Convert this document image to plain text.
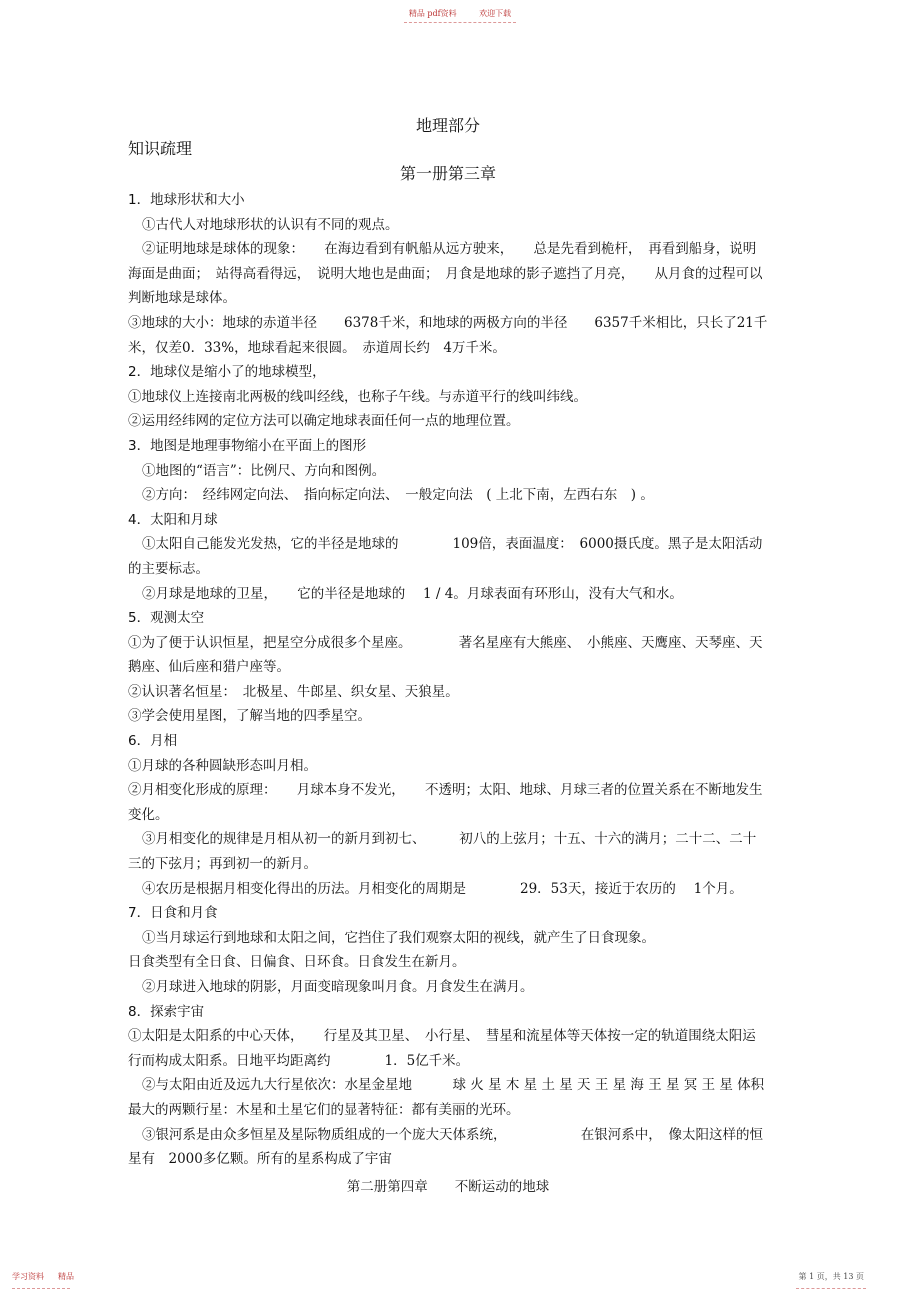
精品 pdf资料	欢迎下载

地理部分

知识疏理

第一册第三章

1．地球形状和大小

①古代人对地球形状的认识有不同的观点。

②证明地球是球体的现象：　　在海边看到有帆船从远方驶来，　　总是先看到桅杆，　再看到船身，说明海面是曲面；　站得高看得远，　说明大地也是曲面；　月食是地球的影子遮挡了月亮，　　从月食的过程可以判断地球是球体。

③地球的大小：地球的赤道半径　　6378千米，和地球的两极方向的半径　　6357千米相比，只长了21千米，仅差0．33%，地球看起来很圆。　赤道周长约　4万千米。

2．地球仪是缩小了的地球模型，

①地球仪上连接南北两极的线叫经线，也称子午线。与赤道平行的线叫纬线。

②运用经纬网的定位方法可以确定地球表面任何一点的地理位置。

3．地图是地理事物缩小在平面上的图形

①地图的“语言”：比例尺、方向和图例。

②方向：　经纬网定向法、　指向标定向法、　一般定向法　( 上北下南，左西右东　) 。

4．太阳和月球

①太阳自己能发光发热，它的半径是地球的　　　　109倍，表面温度：　6000摄氏度。黑子是太阳活动的主要标志。

②月球是地球的卫星，　　它的半径是地球的　 1 / 4。月球表面有环形山，没有大气和水。

5．观测太空

①为了便于认识恒星，把星空分成很多个星座。　　　　著名星座有大熊座、　小熊座、天鹰座、天琴座、天鹅座、仙后座和猎户座等。

②认识著名恒星：　北极星、牛郎星、织女星、天狼星。

③学会使用星图，了解当地的四季星空。

6．月相

①月球的各种圆缺形态叫月相。

②月相变化形成的原理：　　月球本身不发光，　　不透明；太阳、地球、月球三者的位置关系在不断地发生变化。

③月相变化的规律是月相从初一的新月到初七、　　　初八的上弦月；十五、十六的满月；二十二、二十三的下弦月；再到初一的新月。

④农历是根据月相变化得出的历法。月相变化的周期是　　　　29．53天，接近于农历的　 1个月。

7．日食和月食

①当月球运行到地球和太阳之间，它挡住了我们观察太阳的视线，就产生了日食现象。

日食类型有全日食、日偏食、日环食。日食发生在新月。

②月球进入地球的阴影，月面变暗现象叫月食。月食发生在满月。

8．探索宇宙

①太阳是太阳系的中心天体，　　行星及其卫星、　小行星、　彗星和流星体等天体按一定的轨道围绕太阳运行而构成太阳系。日地平均距离约　　　　1．5亿千米。

②与太阳由近及远九大行星依次：水星金星地　　　球 火 星 木 星 土 星 天 王 星 海 王 星 冥 王 星 体积最大的两颗行星：木星和土星它们的显著特征：都有美丽的光环。

③银河系是由众多恒星及星际物质组成的一个庞大天体系统，　　　　　　在银河系中，　像太阳这样的恒星有　2000多亿颗。所有的星系构成了宇宙

第二册第四章　　不断运动的地球

学习资料 精品	第 1 页，共 13 页
